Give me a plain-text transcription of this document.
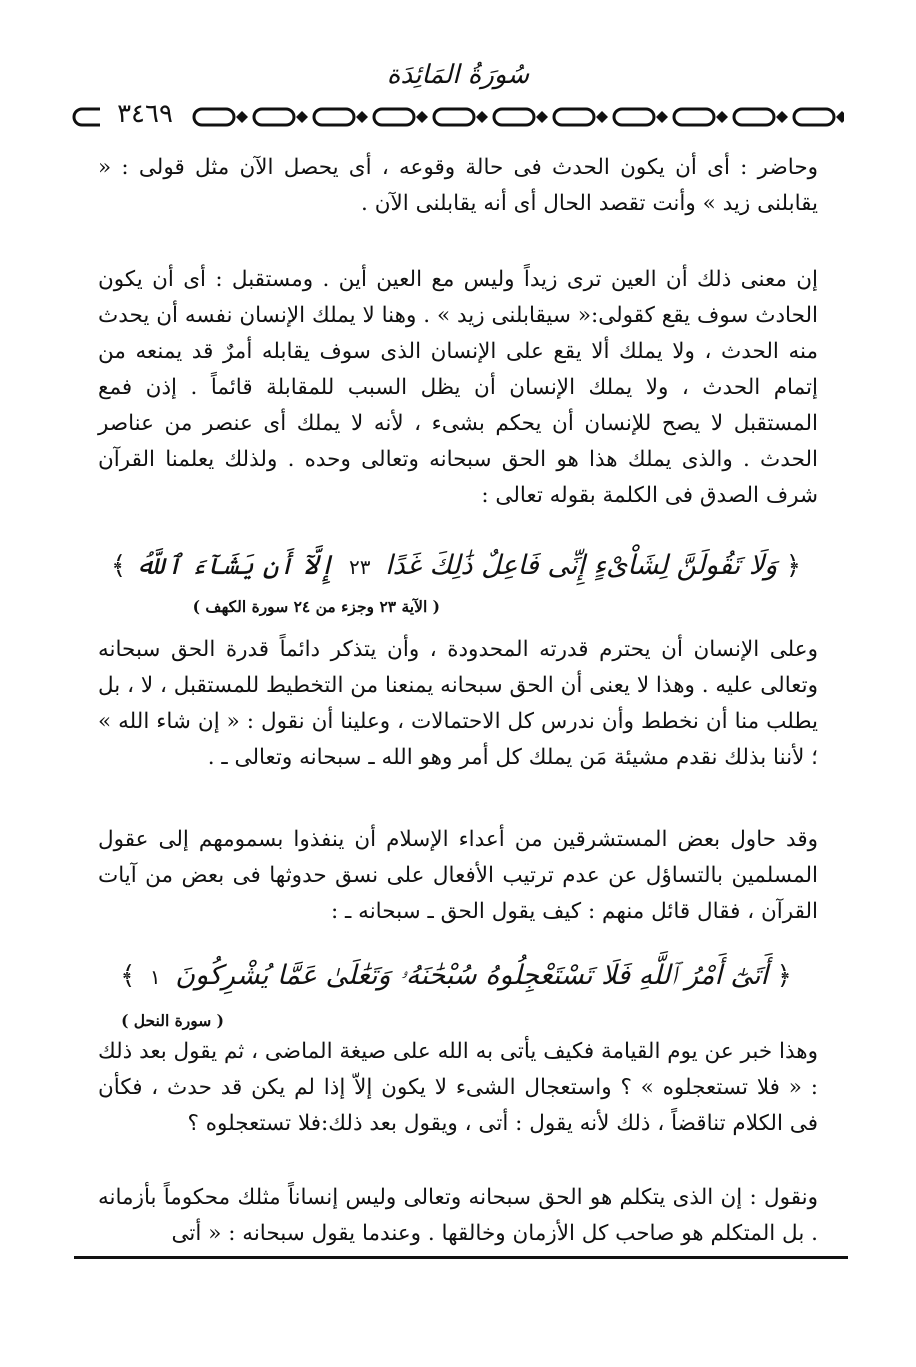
سُورَةُ المَائِدَة
٣٤٦٩
وحاضر : أى أن يكون الحدث فى حالة وقوعه ، أى يحصل الآن مثل قولى : « يقابلنى زيد » وأنت تقصد الحال أى أنه يقابلنى الآن .
إن معنى ذلك أن العين ترى زيداً وليس مع العين أين . ومستقبل : أى أن يكون الحادث سوف يقع كقولى:« سيقابلنى زيد » . وهنا لا يملك الإنسان نفسه أن يحدث منه الحدث ، ولا يملك ألا يقع على الإنسان الذى سوف يقابله أمرٌ قد يمنعه من إتمام الحدث ، ولا يملك الإنسان أن يظل السبب للمقابلة قائماً . إذن فمع المستقبل لا يصح للإنسان أن يحكم بشىء ، لأنه لا يملك أى عنصر من عناصر الحدث . والذى يملك هذا هو الحق سبحانه وتعالى وحده . ولذلك يعلمنا القرآن شرف الصدق فى الكلمة بقوله تعالى :
﴿ وَلَا تَقُولَنَّ لِشَاْىْءٍ إِنِّى فَاعِلٌ ذَٰلِكَ غَدًا ٢٣ إِلَّآ أَن يَشَآءَ ٱللَّهُ ﴾
( الآية ٢٣ وجزء من ٢٤ سورة الكهف )
وعلى الإنسان أن يحترم قدرته المحدودة ، وأن يتذكر دائماً قدرة الحق سبحانه وتعالى عليه . وهذا لا يعنى أن الحق سبحانه يمنعنا من التخطيط للمستقبل ، لا ، بل يطلب منا أن نخطط وأن ندرس كل الاحتمالات ، وعلينا أن نقول : « إن شاء الله » ؛ لأننا بذلك نقدم مشيئة مَن يملك كل أمر وهو الله ـ سبحانه وتعالى ـ .
وقد حاول بعض المستشرقين من أعداء الإسلام أن ينفذوا بسمومهم إلى عقول المسلمين بالتساؤل عن عدم ترتيب الأفعال على نسق حدوثها فى بعض من آيات القرآن ، فقال قائل منهم : كيف يقول الحق ـ سبحانه ـ :
﴿ أَتَىٰٓ أَمْرُ ٱللَّهِ فَلَا تَسْتَعْجِلُوهُ سُبْحَٰنَهُۥ وَتَعَٰلَىٰ عَمَّا يُشْرِكُونَ ١ ﴾
( سورة النحل )
وهذا خبر عن يوم القيامة فكيف يأتى به الله على صيغة الماضى ، ثم يقول بعد ذلك : « فلا تستعجلوه » ؟ واستعجال الشىء لا يكون إلاّ إذا لم يكن قد حدث ، فكأن فى الكلام تناقضاً ، ذلك لأنه يقول : أتى ، ويقول بعد ذلك:فلا تستعجلوه ؟
ونقول : إن الذى يتكلم هو الحق سبحانه وتعالى وليس إنساناً مثلك محكوماً بأزمانه . بل المتكلم هو صاحب كل الأزمان وخالقها . وعندما يقول سبحانه : « أتى
